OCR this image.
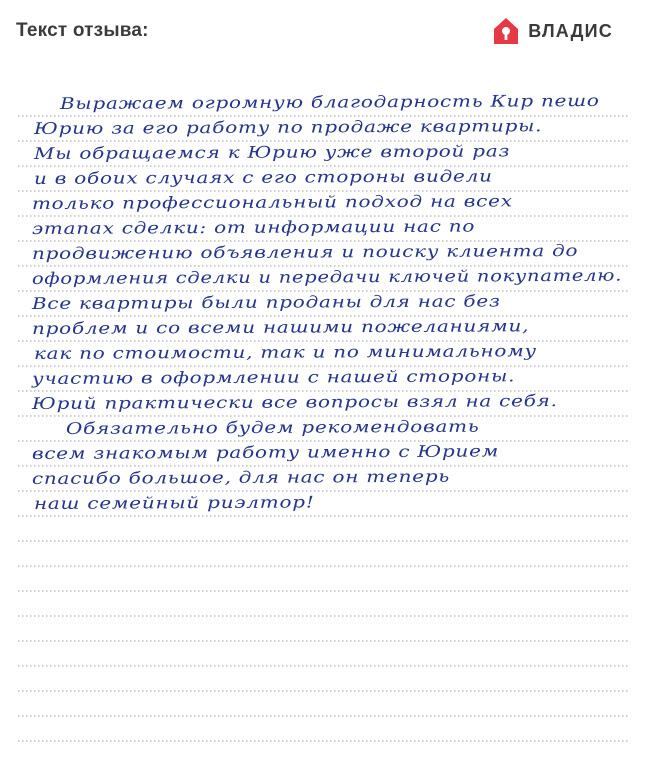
Текст отзыва:	ВЛАДИС
Выражаем огромную благодарность Кир пешо
Юрию за его работу по продаже квартиры.
Мы обращаемся к Юрию уже второй раз
и в обоих случаях с его стороны видели
только профессиональный подход на всех
этапах сделки: от информации нас по
продвижению объявления и поиску клиента до
оформления сделки и передачи ключей покупателю.
Все квартиры были проданы для нас без
проблем и со всеми нашими пожеланиями,
как по стоимости, так и по минимальному
участию в оформлении с нашей стороны.
Юрий практически все вопросы взял на себя.
Обязательно будем рекомендовать
всем знакомым работу именно с Юрием
спасибо большое, для нас он теперь
наш семейный риэлтор!
